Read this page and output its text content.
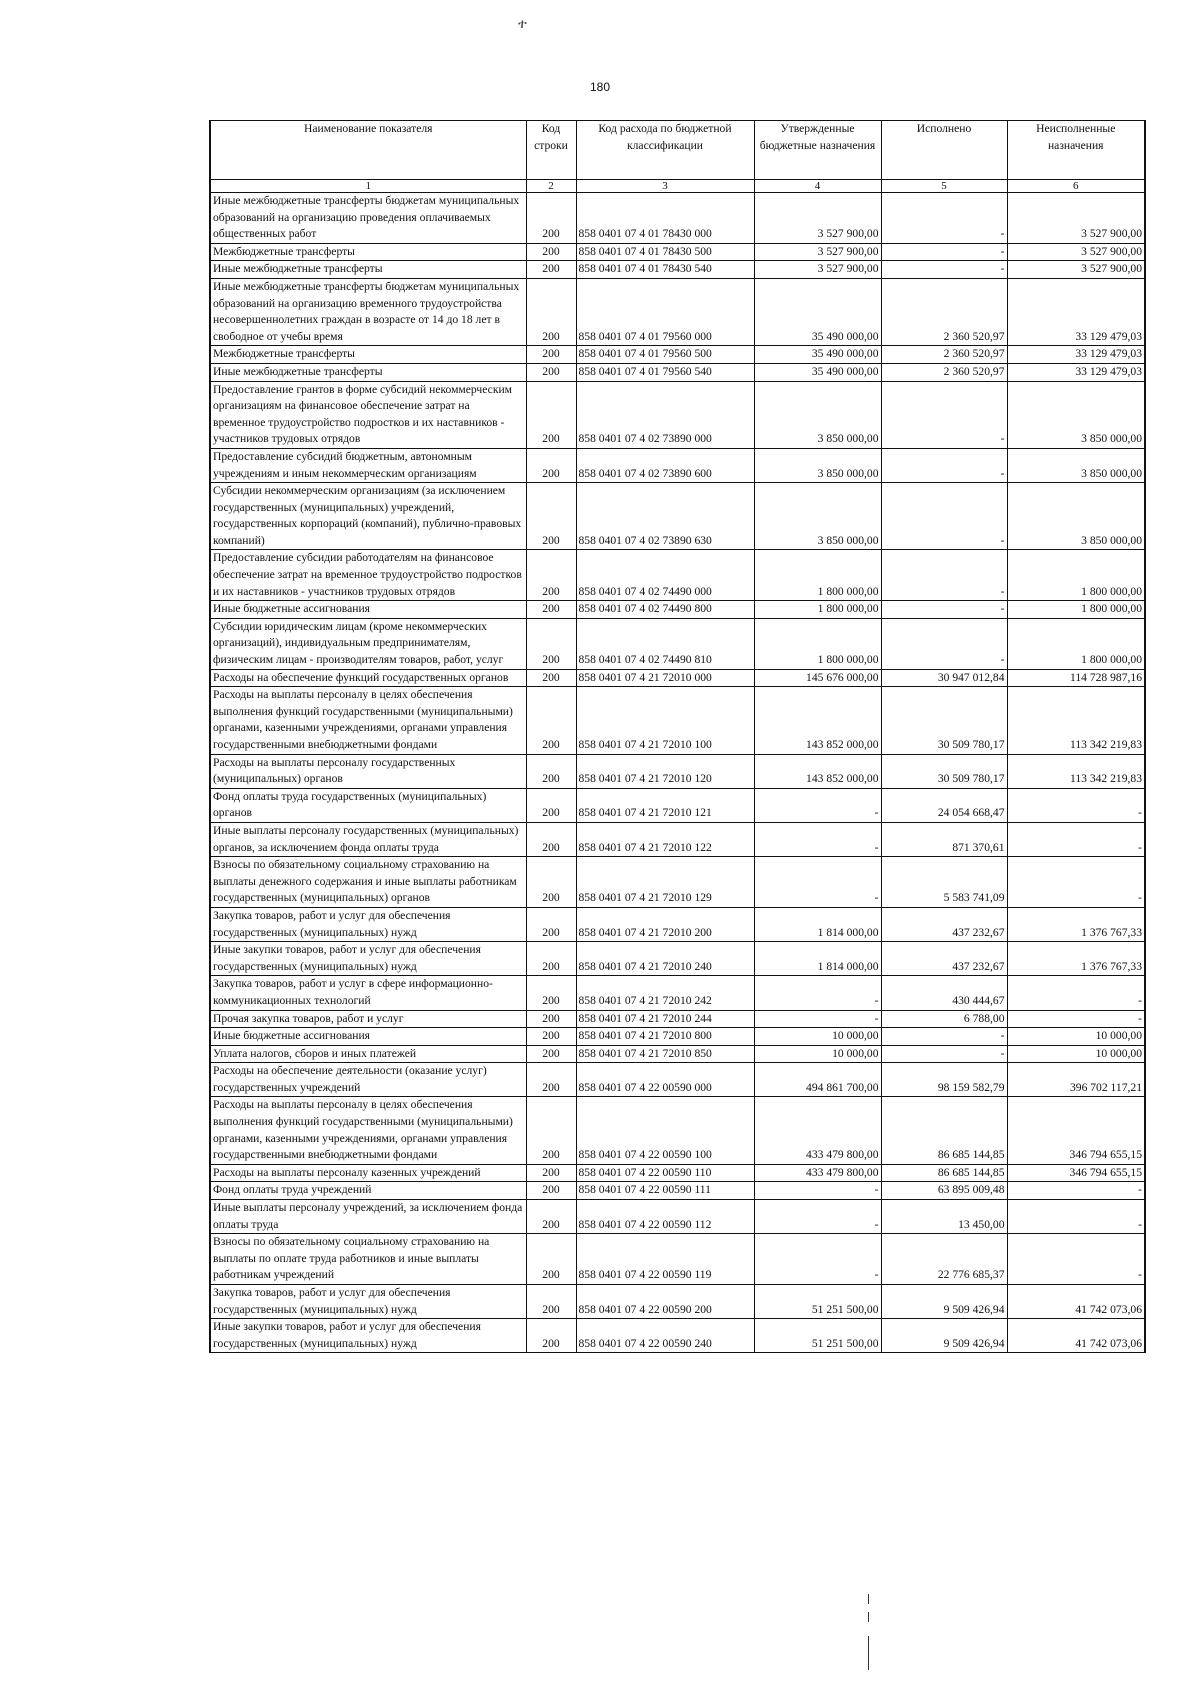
ተ
180
Наименование показателя	Код строки	Код расхода по бюджетной классификации	Утвержденные бюджетные назначения	Исполнено	Неисполненные назначения
1	2	3	4	5	6
Иные межбюджетные трансферты бюджетам муниципальных образований на организацию проведения оплачиваемых общественных работ	200	858 0401 07 4 01 78430 000	3 527 900,00	-	3 527 900,00
Межбюджетные трансферты	200	858 0401 07 4 01 78430 500	3 527 900,00	-	3 527 900,00
Иные межбюджетные трансферты	200	858 0401 07 4 01 78430 540	3 527 900,00	-	3 527 900,00
Иные межбюджетные трансферты бюджетам муниципальных образований на организацию временного трудоустройства несовершеннолетних граждан в возрасте от 14 до 18 лет в свободное от учебы время	200	858 0401 07 4 01 79560 000	35 490 000,00	2 360 520,97	33 129 479,03
Межбюджетные трансферты	200	858 0401 07 4 01 79560 500	35 490 000,00	2 360 520,97	33 129 479,03
Иные межбюджетные трансферты	200	858 0401 07 4 01 79560 540	35 490 000,00	2 360 520,97	33 129 479,03
Предоставление грантов в форме субсидий некоммерческим организациям на финансовое обеспечение затрат на временное трудоустройство подростков и их наставников - участников трудовых отрядов	200	858 0401 07 4 02 73890 000	3 850 000,00	-	3 850 000,00
Предоставление субсидий бюджетным, автономным учреждениям и иным некоммерческим организациям	200	858 0401 07 4 02 73890 600	3 850 000,00	-	3 850 000,00
Субсидии некоммерческим организациям (за исключением государственных (муниципальных) учреждений, государственных корпораций (компаний), публично-правовых компаний)	200	858 0401 07 4 02 73890 630	3 850 000,00	-	3 850 000,00
Предоставление субсидии работодателям на финансовое обеспечение затрат на временное трудоустройство подростков и их наставников - участников трудовых отрядов	200	858 0401 07 4 02 74490 000	1 800 000,00	-	1 800 000,00
Иные бюджетные ассигнования	200	858 0401 07 4 02 74490 800	1 800 000,00	-	1 800 000,00
Субсидии юридическим лицам (кроме некоммерческих организаций), индивидуальным предпринимателям, физическим лицам - производителям товаров, работ, услуг	200	858 0401 07 4 02 74490 810	1 800 000,00	-	1 800 000,00
Расходы на обеспечение функций государственных органов	200	858 0401 07 4 21 72010 000	145 676 000,00	30 947 012,84	114 728 987,16
Расходы на выплаты персоналу в целях обеспечения выполнения функций государственными (муниципальными) органами, казенными учреждениями, органами управления государственными внебюджетными фондами	200	858 0401 07 4 21 72010 100	143 852 000,00	30 509 780,17	113 342 219,83
Расходы на выплаты персоналу государственных (муниципальных) органов	200	858 0401 07 4 21 72010 120	143 852 000,00	30 509 780,17	113 342 219,83
Фонд оплаты труда государственных (муниципальных) органов	200	858 0401 07 4 21 72010 121	-	24 054 668,47	-
Иные выплаты персоналу государственных (муниципальных) органов, за исключением фонда оплаты труда	200	858 0401 07 4 21 72010 122	-	871 370,61	-
Взносы по обязательному социальному страхованию на выплаты денежного содержания и иные выплаты работникам государственных (муниципальных) органов	200	858 0401 07 4 21 72010 129	-	5 583 741,09	-
Закупка товаров, работ и услуг для обеспечения государственных (муниципальных) нужд	200	858 0401 07 4 21 72010 200	1 814 000,00	437 232,67	1 376 767,33
Иные закупки товаров, работ и услуг для обеспечения государственных (муниципальных) нужд	200	858 0401 07 4 21 72010 240	1 814 000,00	437 232,67	1 376 767,33
Закупка товаров, работ и услуг в сфере информационно-коммуникационных технологий	200	858 0401 07 4 21 72010 242	-	430 444,67	-
Прочая закупка товаров, работ и услуг	200	858 0401 07 4 21 72010 244	-	6 788,00	-
Иные бюджетные ассигнования	200	858 0401 07 4 21 72010 800	10 000,00	-	10 000,00
Уплата налогов, сборов и иных платежей	200	858 0401 07 4 21 72010 850	10 000,00	-	10 000,00
Расходы на обеспечение деятельности (оказание услуг) государственных учреждений	200	858 0401 07 4 22 00590 000	494 861 700,00	98 159 582,79	396 702 117,21
Расходы на выплаты персоналу в целях обеспечения выполнения функций государственными (муниципальными) органами, казенными учреждениями, органами управления государственными внебюджетными фондами	200	858 0401 07 4 22 00590 100	433 479 800,00	86 685 144,85	346 794 655,15
Расходы на выплаты персоналу казенных учреждений	200	858 0401 07 4 22 00590 110	433 479 800,00	86 685 144,85	346 794 655,15
Фонд оплаты труда учреждений	200	858 0401 07 4 22 00590 111	-	63 895 009,48	-
Иные выплаты персоналу учреждений, за исключением фонда оплаты труда	200	858 0401 07 4 22 00590 112	-	13 450,00	-
Взносы по обязательному социальному страхованию на выплаты по оплате труда работников и иные выплаты работникам учреждений	200	858 0401 07 4 22 00590 119	-	22 776 685,37	-
Закупка товаров, работ и услуг для обеспечения государственных (муниципальных) нужд	200	858 0401 07 4 22 00590 200	51 251 500,00	9 509 426,94	41 742 073,06
Иные закупки товаров, работ и услуг для обеспечения государственных (муниципальных) нужд	200	858 0401 07 4 22 00590 240	51 251 500,00	9 509 426,94	41 742 073,06
